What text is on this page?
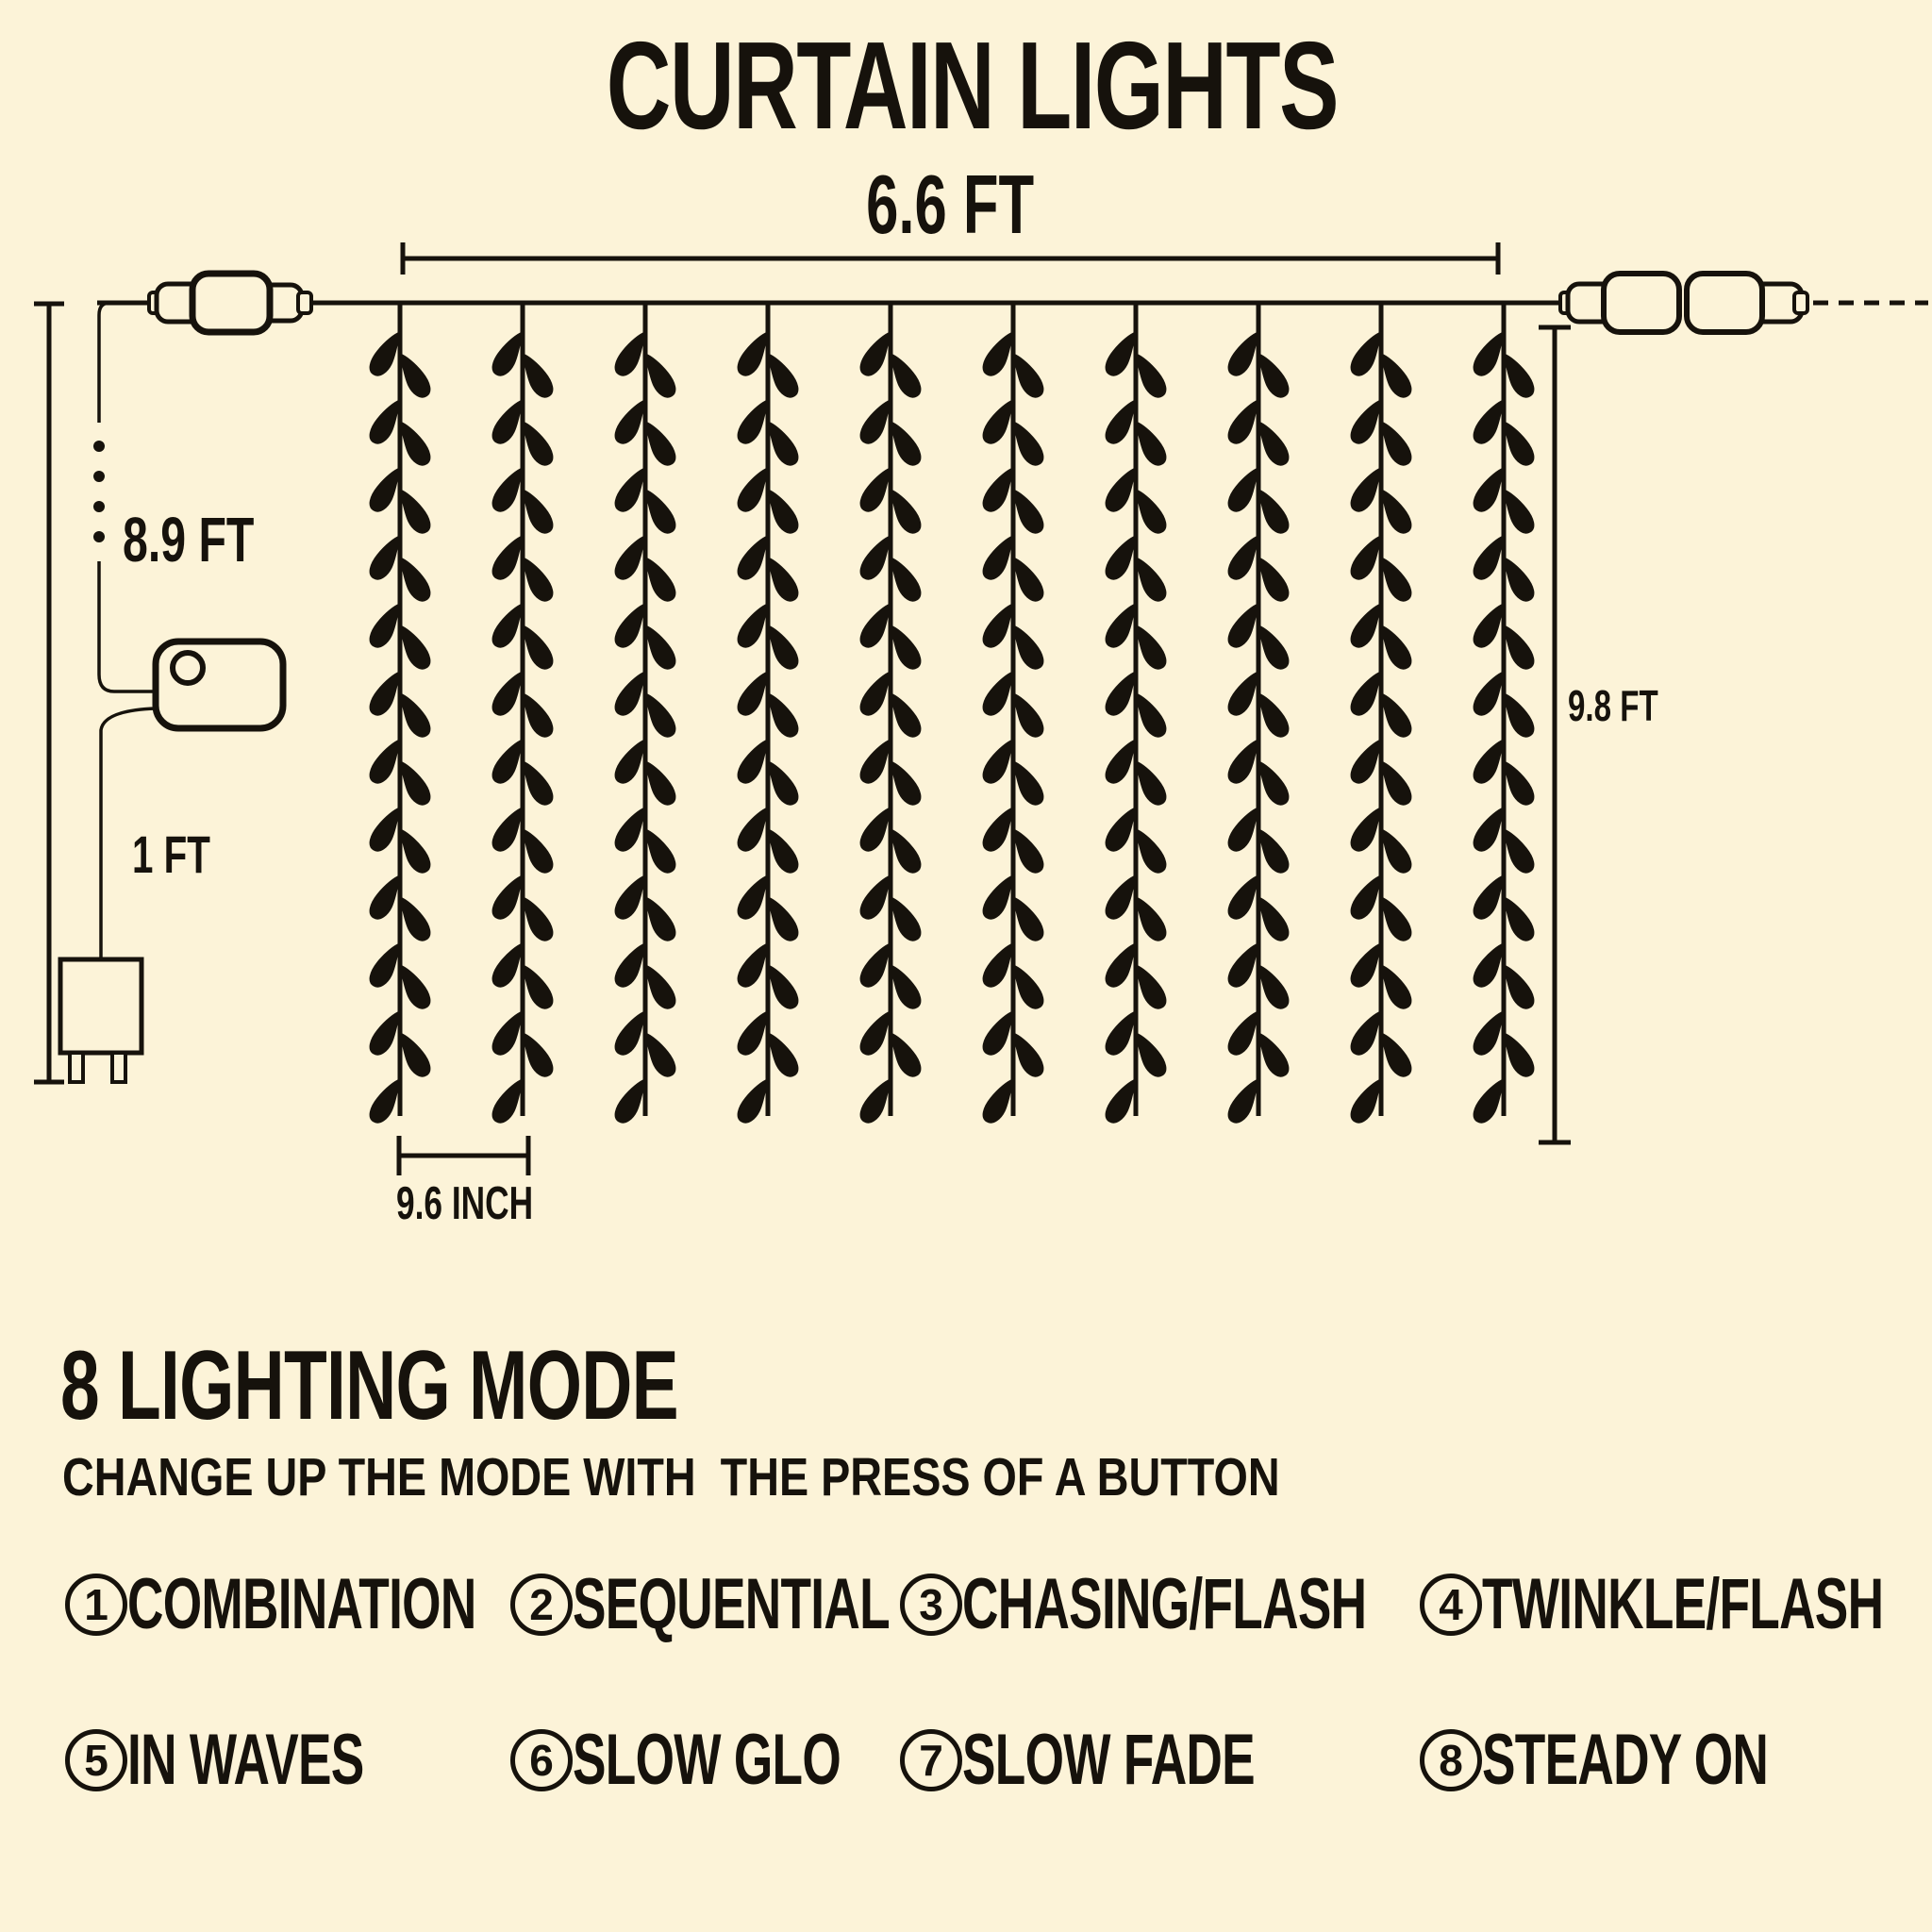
CURTAIN LIGHTS
6.6 FT
8.9 FT
1 FT
9.8 FT
9.6 INCH
8 LIGHTING MODE
CHANGE UP THE MODE WITH  THE PRESS OF A BUTTON
1 COMBINATION	2 SEQUENTIAL 3 CHASING/FLASH	4 TWINKLE/FLASH
5 IN WAVES	6 SLOW GLO	7 SLOW FADE	8 STEADY ON
